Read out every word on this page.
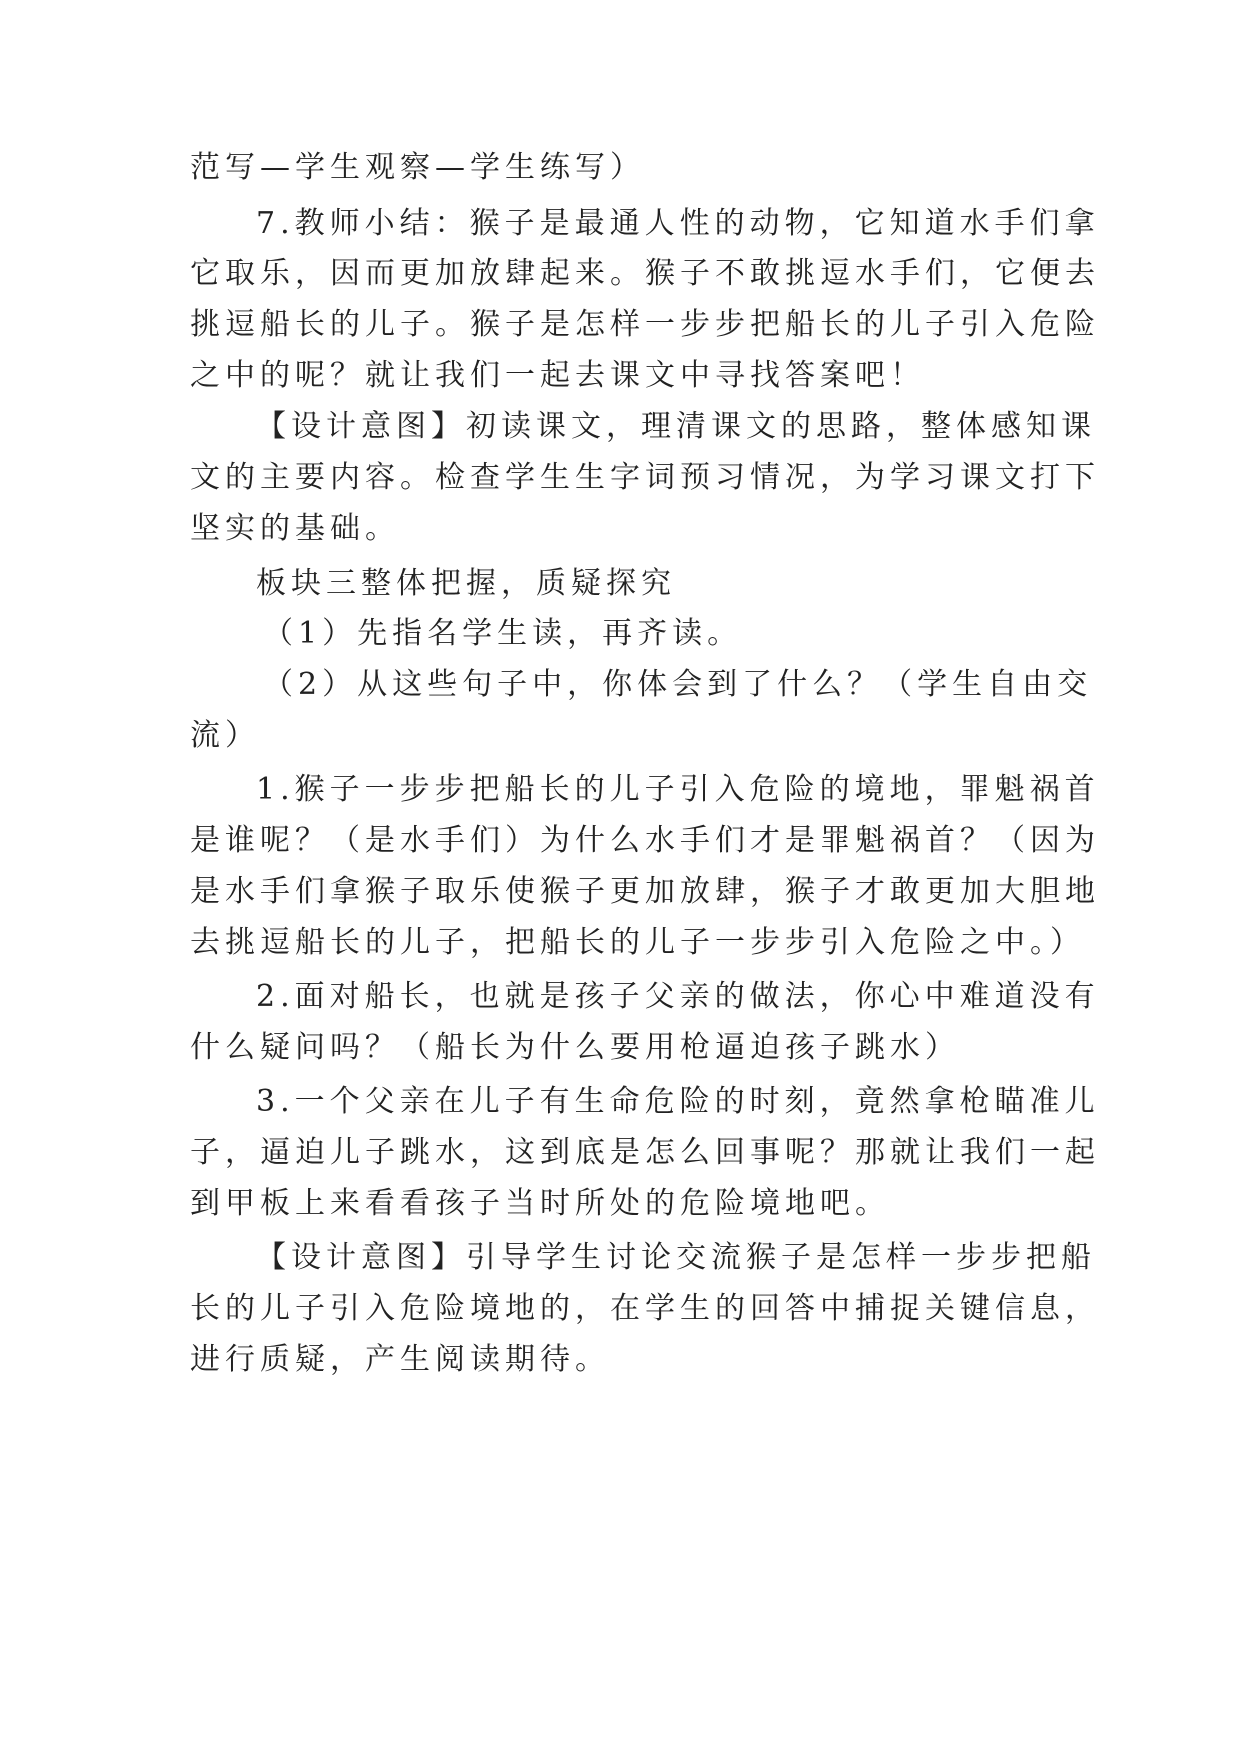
范写—学生观察—学生练写）
7.教师小结：猴子是最通人性的动物，它知道水手们拿
它取乐，因而更加放肆起来。猴子不敢挑逗水手们，它便去
挑逗船长的儿子。猴子是怎样一步步把船长的儿子引入危险
之中的呢？就让我们一起去课文中寻找答案吧！
【设计意图】初读课文，理清课文的思路，整体感知课
文的主要内容。检查学生生字词预习情况，为学习课文打下
坚实的基础。
板块三整体把握，质疑探究
（1）先指名学生读，再齐读。
（2）从这些句子中，你体会到了什么？（学生自由交
流）
1.猴子一步步把船长的儿子引入危险的境地，罪魁祸首
是谁呢？（是水手们）为什么水手们才是罪魁祸首？（因为
是水手们拿猴子取乐使猴子更加放肆，猴子才敢更加大胆地
去挑逗船长的儿子，把船长的儿子一步步引入危险之中。）
2.面对船长，也就是孩子父亲的做法，你心中难道没有
什么疑问吗？（船长为什么要用枪逼迫孩子跳水）
3.一个父亲在儿子有生命危险的时刻，竟然拿枪瞄准儿
子，逼迫儿子跳水，这到底是怎么回事呢？那就让我们一起
到甲板上来看看孩子当时所处的危险境地吧。
【设计意图】引导学生讨论交流猴子是怎样一步步把船
长的儿子引入危险境地的，在学生的回答中捕捉关键信息，
进行质疑，产生阅读期待。
